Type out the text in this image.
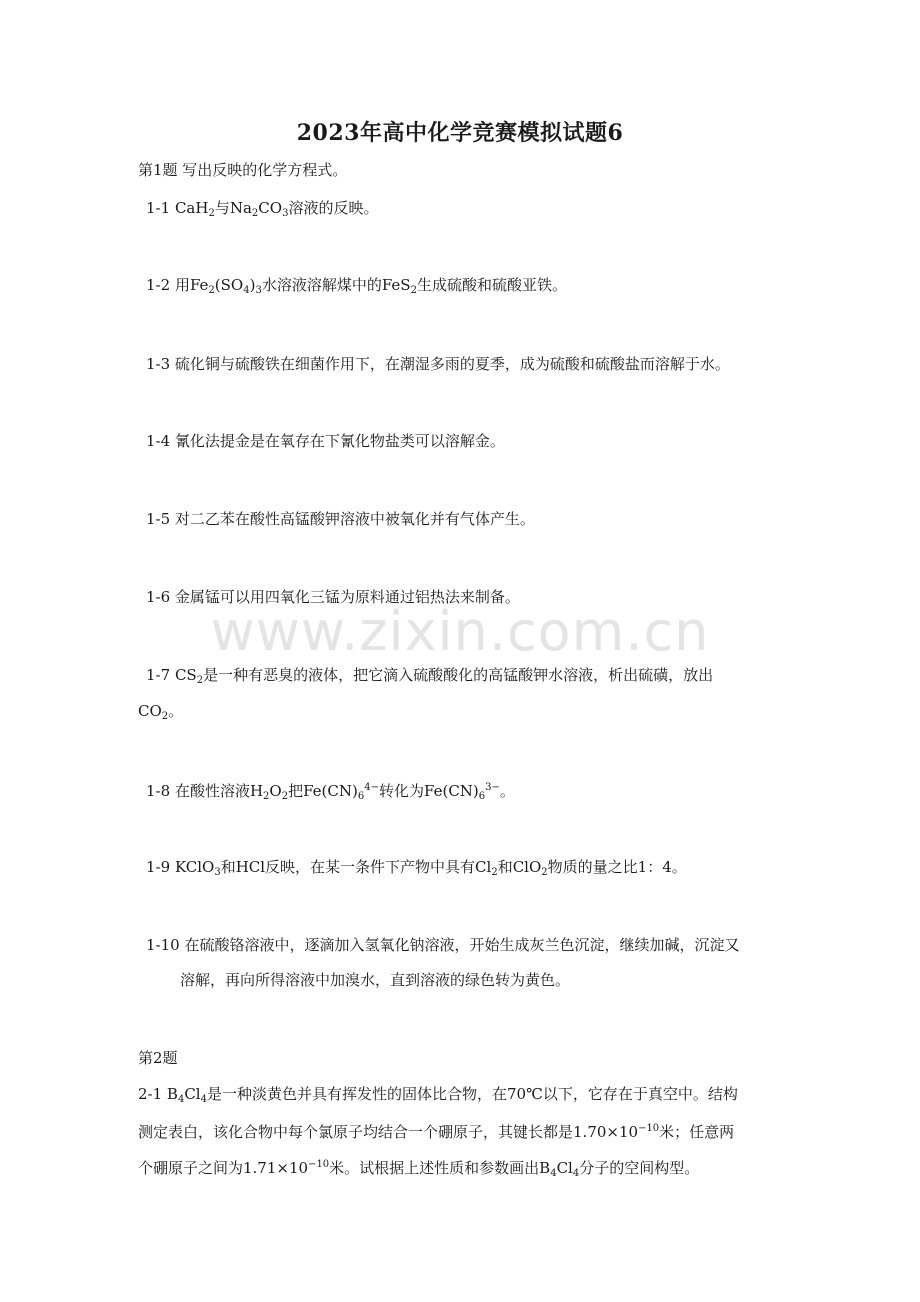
www.zixin.com.cn
2023年高中化学竞赛模拟试题6
第1题 写出反映的化学方程式。
1-1 CaH$_2$与$Na_2CO_3$溶液的反映。
1-2 用$Fe_2(SO_4)_3$水溶液溶解煤中的FeS$_2$生成硫酸和硫酸亚铁。
1-3 硫化铜与硫酸铁在细菌作用下，在潮湿多雨的夏季，成为硫酸和硫酸盐而溶解于水。
1-4 氰化法提金是在氧存在下氰化物盐类可以溶解金。
1-5 对二乙苯在酸性高锰酸钾溶液中被氧化并有气体产生。
1-6 金属锰可以用四氧化三锰为原料通过铝热法来制备。
1-7 $CS_2$是一种有恶臭的液体，把它滴入硫酸酸化的高锰酸钾水溶液，析出硫磺，放出
$CO_2$。
1-8 在酸性溶液$H_2O_2$把$Fe(CN)_6^{4-}$转化为$Fe(CN)_6^{3-}$。
1-9 KClO$_3$和HCl反映，在某一条件下产物中具有$Cl_2$和ClO$_2$物质的量之比1：4。
1-10 在硫酸铬溶液中，逐滴加入氢氧化钠溶液，开始生成灰兰色沉淀，继续加碱，沉淀又
溶解，再向所得溶液中加溴水，直到溶液的绿色转为黄色。
第2题
2-1 $B_4Cl_4$是一种淡黄色并具有挥发性的固体比合物，在70℃以下，它存在于真空中。结构
测定表白，该化合物中每个氯原子均结合一个硼原子，其键长都是$1.70\times 10^{-10}$米；任意两
个硼原子之间为$1.71\times 10^{-10}$米。试根据上述性质和参数画出$B_4Cl_4$分子的空间构型。
